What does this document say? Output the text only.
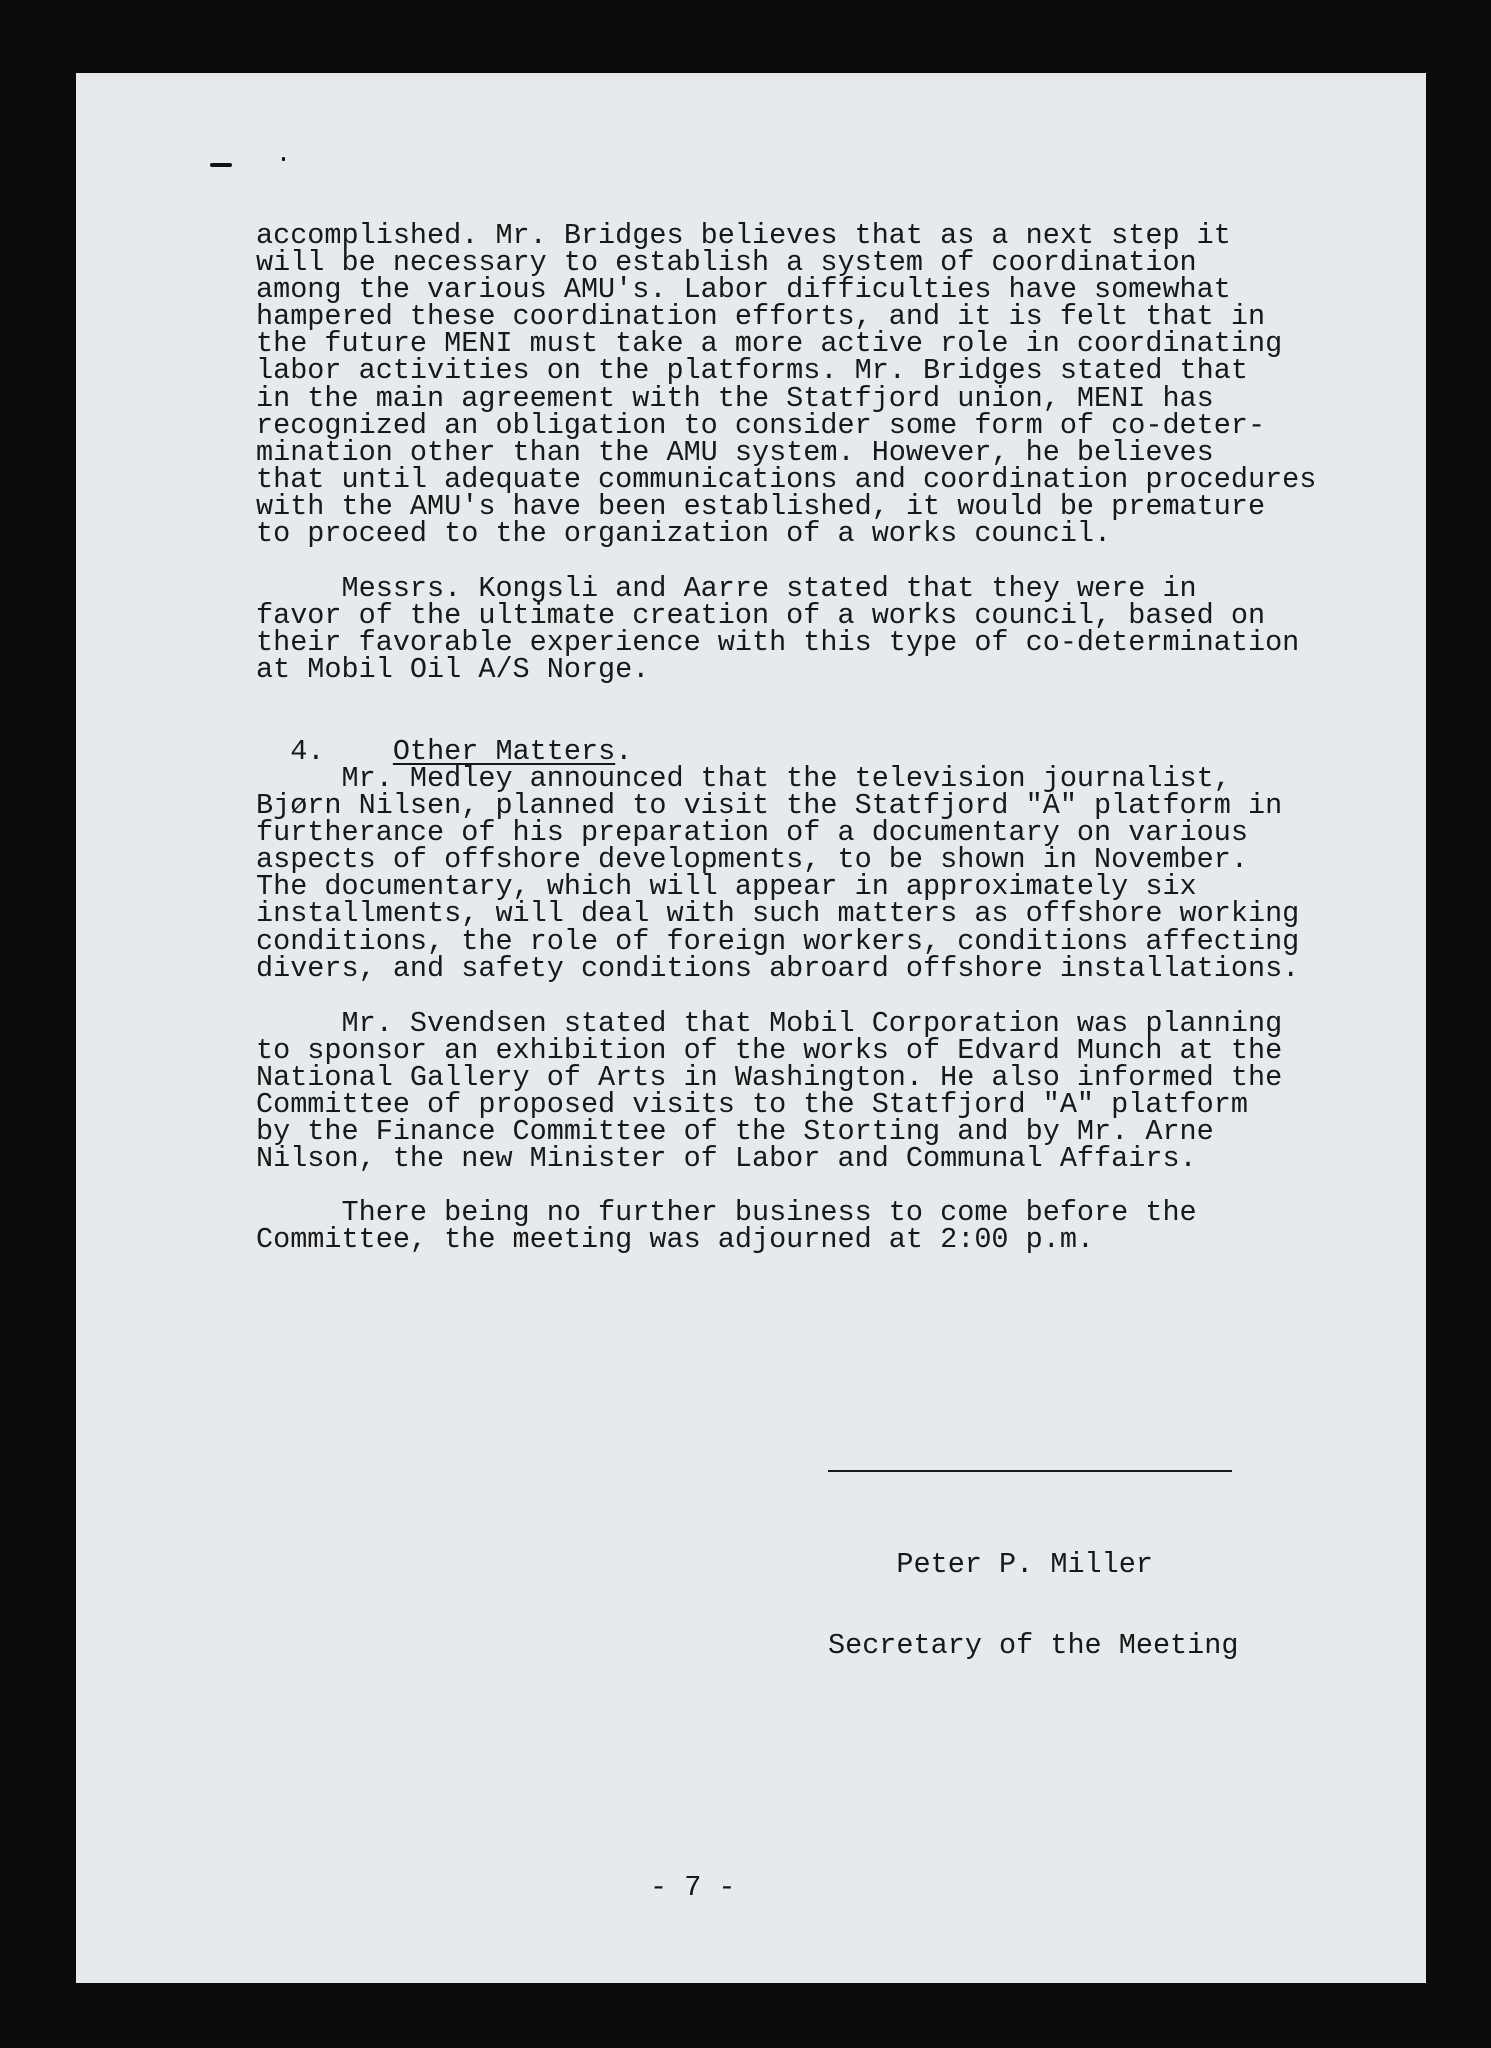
accomplished. Mr. Bridges believes that as a next step it
will be necessary to establish a system of coordination
among the various AMU's. Labor difficulties have somewhat
hampered these coordination efforts, and it is felt that in
the future MENI must take a more active role in coordinating
labor activities on the platforms. Mr. Bridges stated that
in the main agreement with the Statfjord union, MENI has
recognized an obligation to consider some form of co-deter-
mination other than the AMU system. However, he believes
that until adequate communications and coordination procedures
with the AMU's have been established, it would be premature
to proceed to the organization of a works council.
Messrs. Kongsli and Aarre stated that they were in
favor of the ultimate creation of a works council, based on
their favorable experience with this type of co-determination
at Mobil Oil A/S Norge.

4. Other Matters.

Mr. Medley announced that the television journalist,
Bjørn Nilsen, planned to visit the Statfjord "A" platform in
furtherance of his preparation of a documentary on various
aspects of offshore developments, to be shown in November.
The documentary, which will appear in approximately six
installments, will deal with such matters as offshore working
conditions, the role of foreign workers, conditions affecting
divers, and safety conditions abroard offshore installations.
Mr. Svendsen stated that Mobil Corporation was planning
to sponsor an exhibition of the works of Edvard Munch at the
National Gallery of Arts in Washington. He also informed the
Committee of proposed visits to the Statfjord "A" platform
by the Finance Committee of the Storting and by Mr. Arne
Nilson, the new Minister of Labor and Communal Affairs.
There being no further business to come before the
Committee, the meeting was adjourned at 2:00 p.m.

Peter P. Miller

Secretary of the Meeting

- 7 -
